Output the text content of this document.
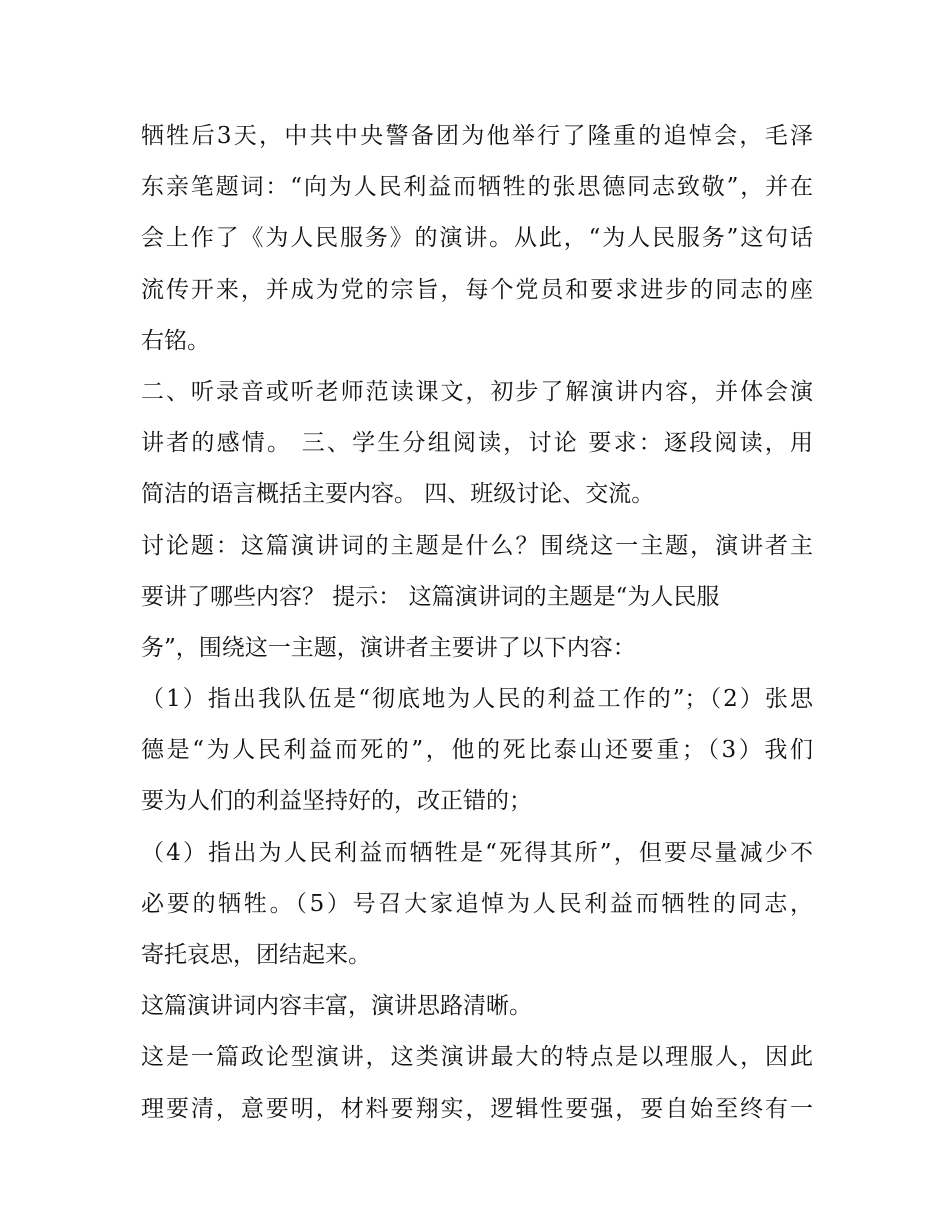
牺牲后3天，中共中央警备团为他举行了隆重的追悼会，毛泽
东亲笔题词：“向为人民利益而牺牲的张思德同志致敬”，并在
会上作了《为人民服务》的演讲。从此，“为人民服务”这句话
流传开来，并成为党的宗旨，每个党员和要求进步的同志的座
右铭。
二、听录音或听老师范读课文，初步了解演讲内容，并体会演
讲者的感情。 三、学生分组阅读，讨论 要求：逐段阅读，用
简洁的语言概括主要内容。 四、班级讨论、交流。
讨论题：这篇演讲词的主题是什么？围绕这一主题，演讲者主
要讲了哪些内容？ 提示： 这篇演讲词的主题是“为人民服
务”，围绕这一主题，演讲者主要讲了以下内容：
（1）指出我队伍是“彻底地为人民的利益工作的”；（2）张思
德是“为人民利益而死的”，他的死比泰山还要重；（3）我们
要为人们的利益坚持好的，改正错的；
（4）指出为人民利益而牺牲是“死得其所”，但要尽量减少不
必要的牺牲。（5）号召大家追悼为人民利益而牺牲的同志，
寄托哀思，团结起来。
这篇演讲词内容丰富，演讲思路清晰。
这是一篇政论型演讲，这类演讲最大的特点是以理服人，因此
理要清，意要明，材料要翔实，逻辑性要强，要自始至终有一
